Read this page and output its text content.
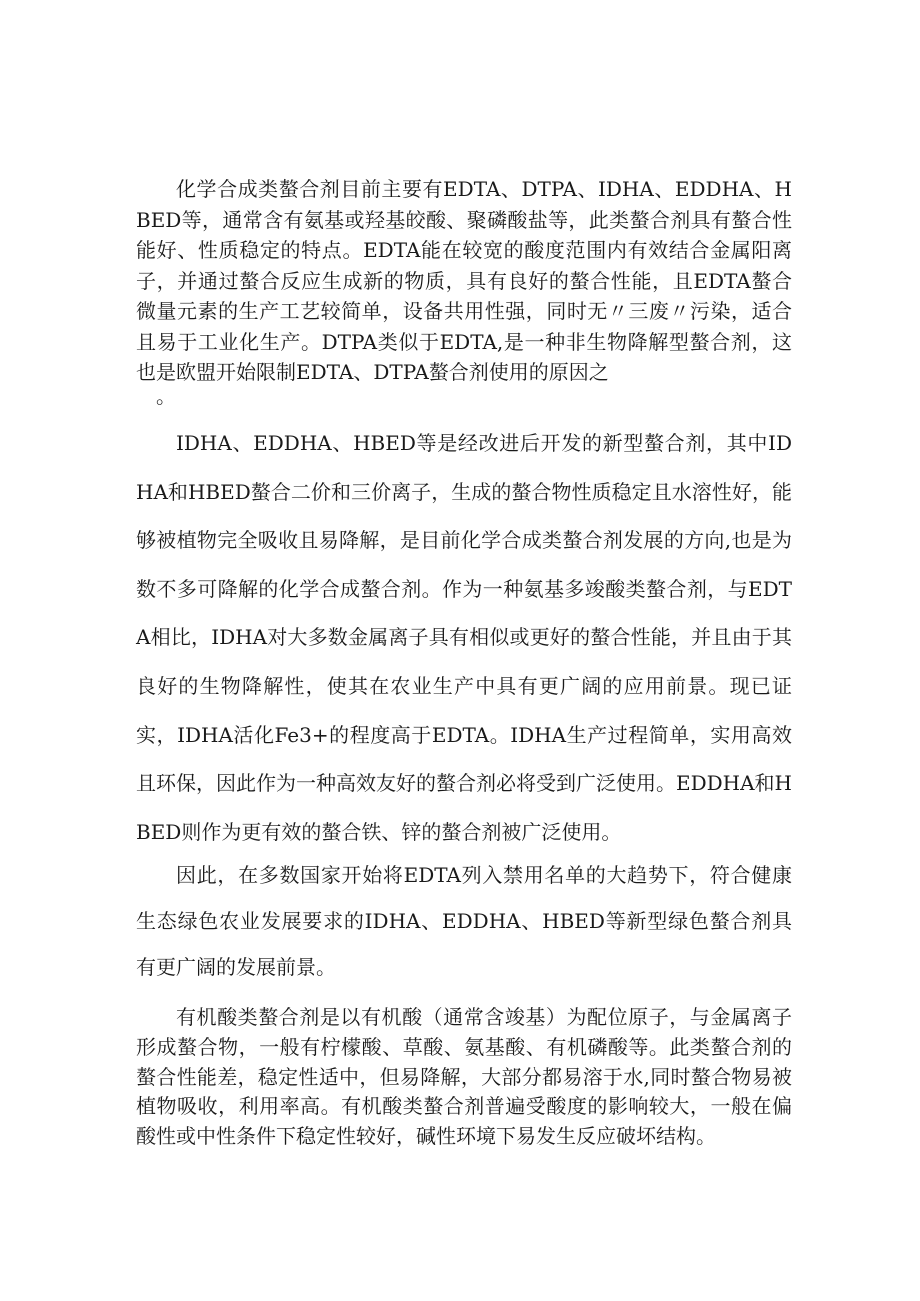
化学合成类螯合剂目前主要有EDTA、DTPA、IDHA、EDDHA、HBED等，通常含有氨基或羟基皎酸、聚磷酸盐等，此类螯合剂具有螯合性能好、性质稳定的特点。EDTA能在较宽的酸度范围内有效结合金属阳离子，并通过螯合反应生成新的物质，具有良好的螯合性能，且EDTA螯合微量元素的生产工艺较简单，设备共用性强，同时无〃三废〃污染，适合且易于工业化生产。DTPA类似于EDTA,是一种非生物降解型螯合剂，这也是欧盟开始限制EDTA、DTPA螯合剂使用的原因之

。

IDHA、EDDHA、HBED等是经改进后开发的新型螯合剂，其中IDHA和HBED螯合二价和三价离子，生成的螯合物性质稳定且水溶性好，能够被植物完全吸收且易降解，是目前化学合成类螯合剂发展的方向,也是为数不多可降解的化学合成螯合剂。作为一种氨基多竣酸类螯合剂，与EDTA相比，IDHA对大多数金属离子具有相似或更好的螯合性能，并且由于其良好的生物降解性，使其在农业生产中具有更广阔的应用前景。现已证实，IDHA活化Fe3+的程度高于EDTA。IDHA生产过程简单，实用高效且环保，因此作为一种高效友好的螯合剂必将受到广泛使用。EDDHA和HBED则作为更有效的螯合铁、锌的螯合剂被广泛使用。

因此，在多数国家开始将EDTA列入禁用名单的大趋势下，符合健康生态绿色农业发展要求的IDHA、EDDHA、HBED等新型绿色螯合剂具有更广阔的发展前景。

有机酸类螯合剂是以有机酸（通常含竣基）为配位原子，与金属离子形成螯合物，一般有柠檬酸、草酸、氨基酸、有机磷酸等。此类螯合剂的螯合性能差，稳定性适中，但易降解，大部分都易溶于水,同时螯合物易被植物吸收，利用率高。有机酸类螯合剂普遍受酸度的影响较大，一般在偏酸性或中性条件下稳定性较好，碱性环境下易发生反应破坏结构。
